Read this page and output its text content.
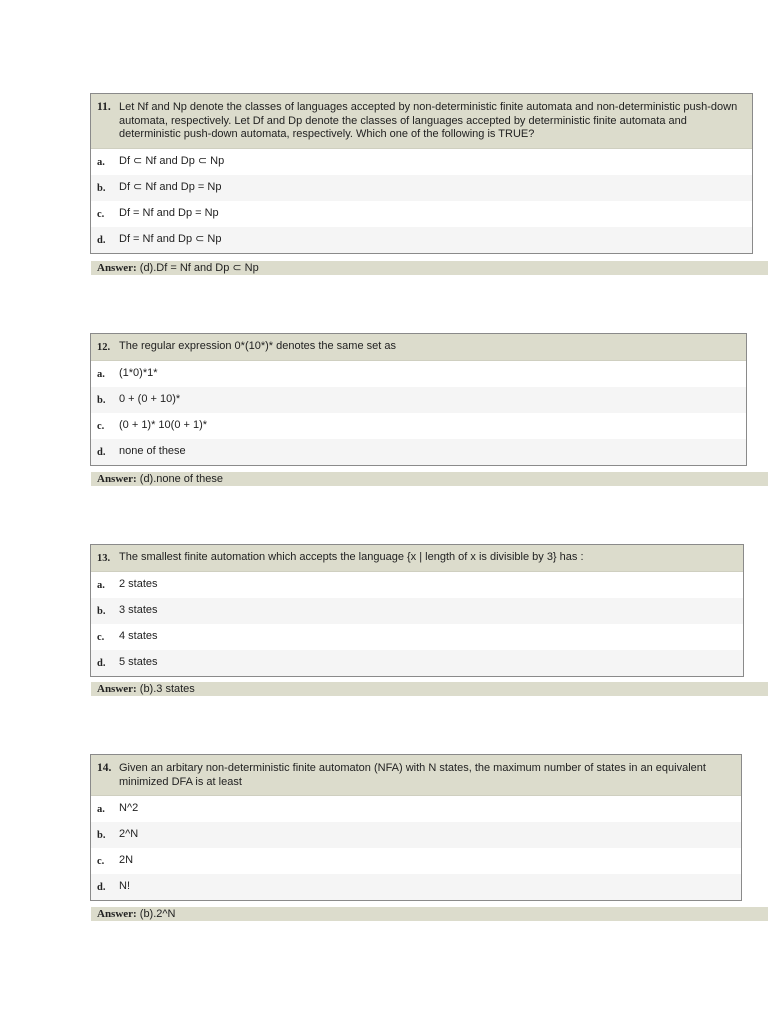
11. Let Nf and Np denote the classes of languages accepted by non-deterministic finite automata and non-deterministic push-down automata, respectively. Let Df and Dp denote the classes of languages accepted by deterministic finite automata and deterministic push-down automata, respectively. Which one of the following is TRUE?
a.	Df ⊂ Nf and Dp ⊂ Np
b.	Df ⊂ Nf and Dp = Np
c.	Df = Nf and Dp = Np
d.	Df = Nf and Dp ⊂ Np
Answer: (d).Df = Nf and Dp ⊂ Np
12. The regular expression 0*(10*)* denotes the same set as
a.	(1*0)*1*
b.	0 + (0 + 10)*
c.	(0 + 1)* 10(0 + 1)*
d.	none of these
Answer: (d).none of these
13. The smallest finite automation which accepts the language {x | length of x is divisible by 3} has :
a.	2 states
b.	3 states
c.	4 states
d.	5 states
Answer: (b).3 states
14. Given an arbitary non-deterministic finite automaton (NFA) with N states, the maximum number of states in an equivalent minimized DFA is at least
a.	N^2
b.	2^N
c.	2N
d.	N!
Answer: (b).2^N
